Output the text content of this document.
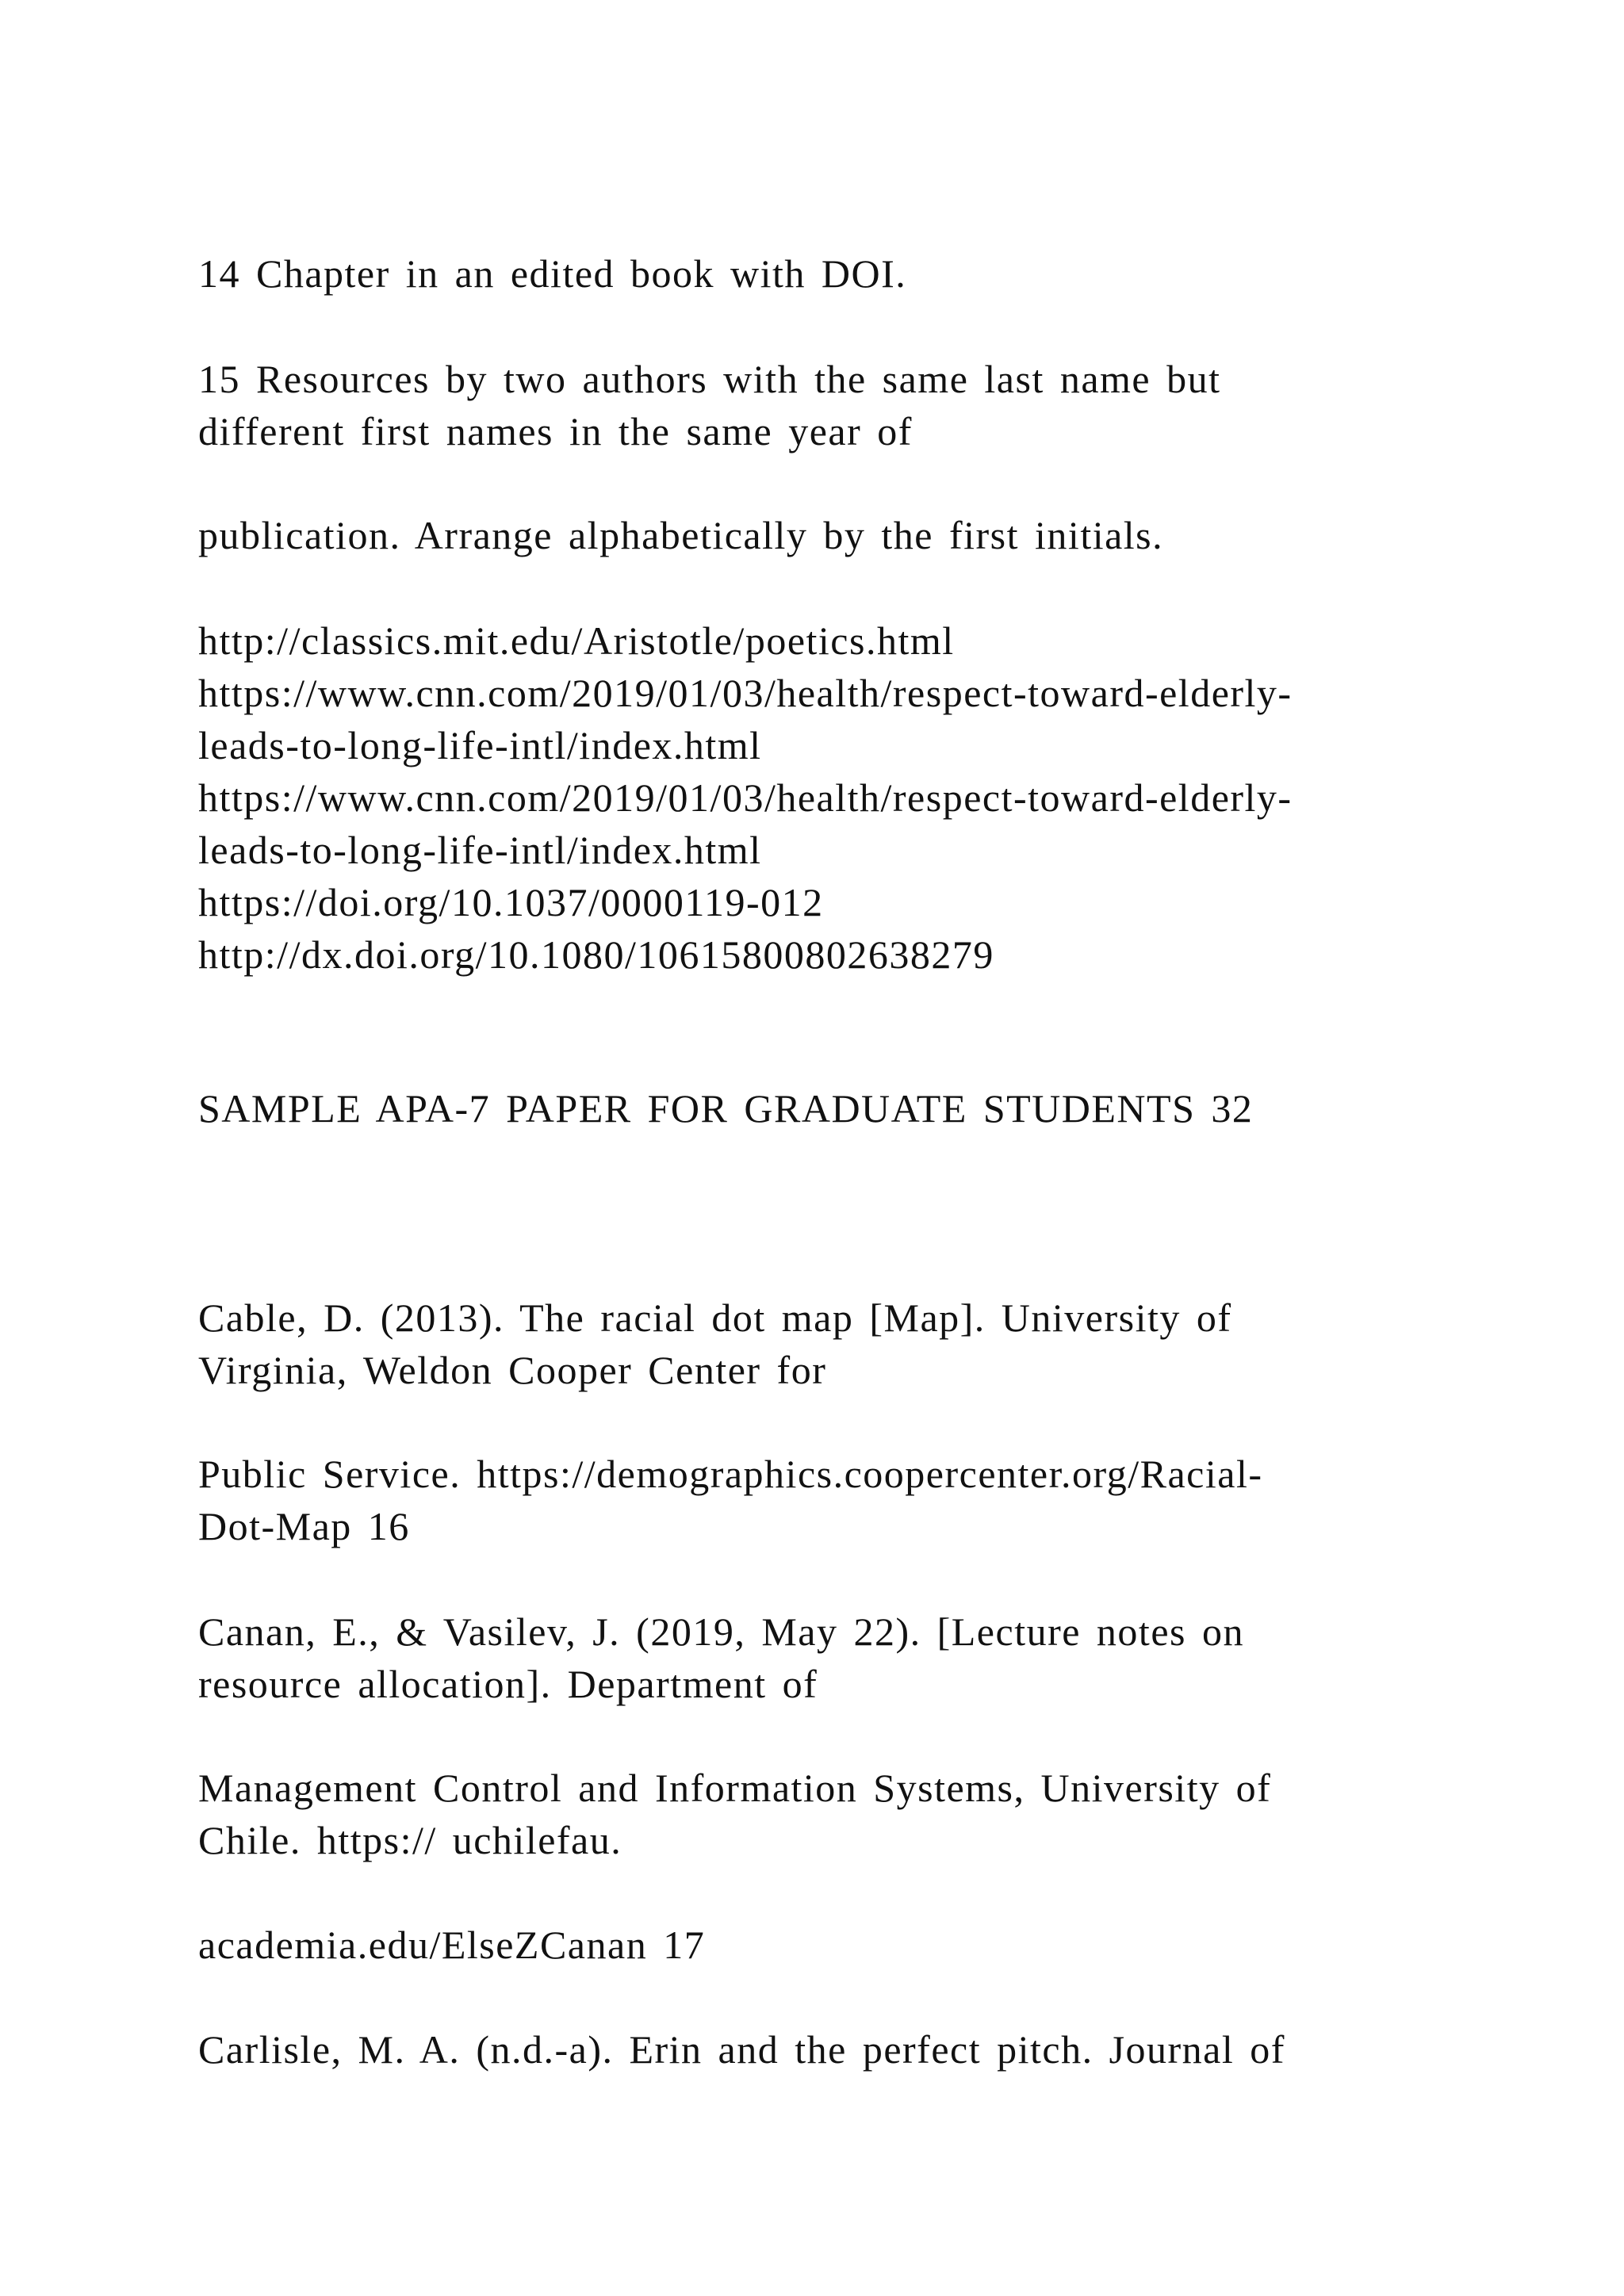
14 Chapter in an edited book with DOI.
15 Resources by two authors with the same last name but
different first names in the same year of
publication. Arrange alphabetically by the first initials.
http://classics.mit.edu/Aristotle/poetics.html
https://www.cnn.com/2019/01/03/health/respect-toward-elderly-
leads-to-long-life-intl/index.html
https://www.cnn.com/2019/01/03/health/respect-toward-elderly-
leads-to-long-life-intl/index.html
https://doi.org/10.1037/0000119-012
http://dx.doi.org/10.1080/10615800802638279
SAMPLE APA-7 PAPER FOR GRADUATE STUDENTS 32
Cable, D. (2013). The racial dot map [Map]. University of
Virginia, Weldon Cooper Center for
Public Service. https://demographics.coopercenter.org/Racial-
Dot-Map 16
Canan, E., & Vasilev, J. (2019, May 22). [Lecture notes on
resource allocation]. Department of
Management Control and Information Systems, University of
Chile. https:// uchilefau.
academia.edu/ElseZCanan 17
Carlisle, M. A. (n.d.-a). Erin and the perfect pitch. Journal of
